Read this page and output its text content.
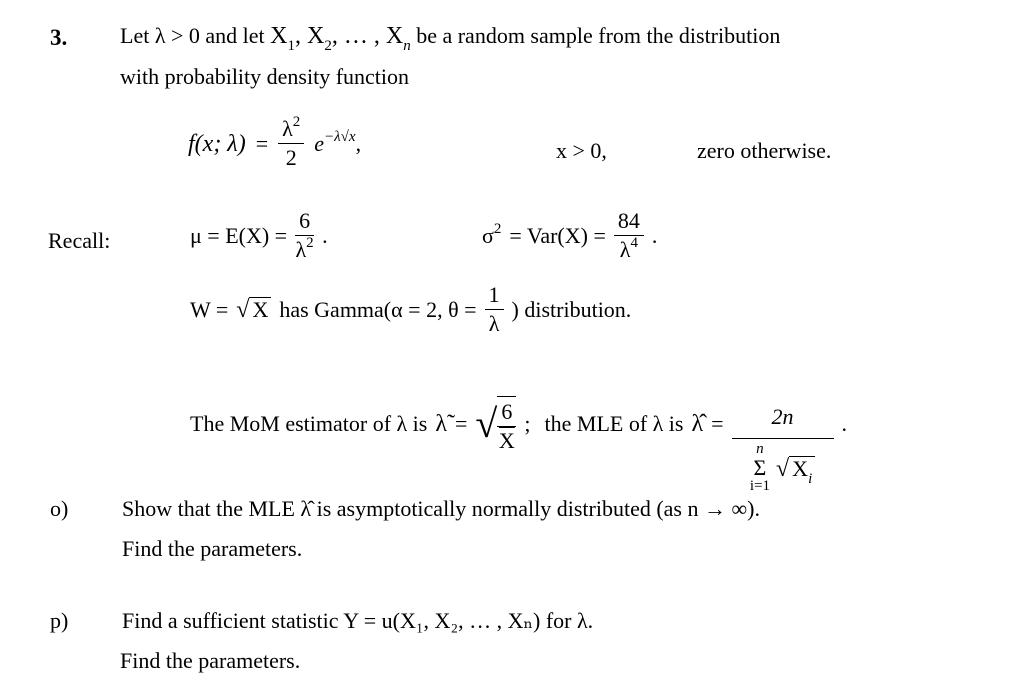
3. Let λ > 0 and let $X_1$, $X_2$, … , $X_n$ be a random sample from the distribution
with probability density function
f(x; $\lambda) = \frac{\lambda^2}{2} e^{-\lambda√x}$,	x > 0,	zero otherwise.
Recall:	$\mu = E(X) = \frac{6}{\lambda^2}$ .	$\sigma^2 = Var(X) = \frac{84}{\lambda^4}$ .
W = √ X has Gamma(α = 2, $\theta = \frac{1}{\lambda}$ ) distribution.
The MoM estimator of λ is λ̃ = √ $\frac{6}{X}$ ; the MLE of λ is λ̂ = 2n
n
Σ
i=1
√ $X_i$ .
o) Show that the MLE λ̂ is asymptotically normally distributed (as n → ∞).
Find the parameters.
p) Find a sufficient statistic Y = u(X₁, X₂, … , Xₙ) for λ.
Find the parameters.
